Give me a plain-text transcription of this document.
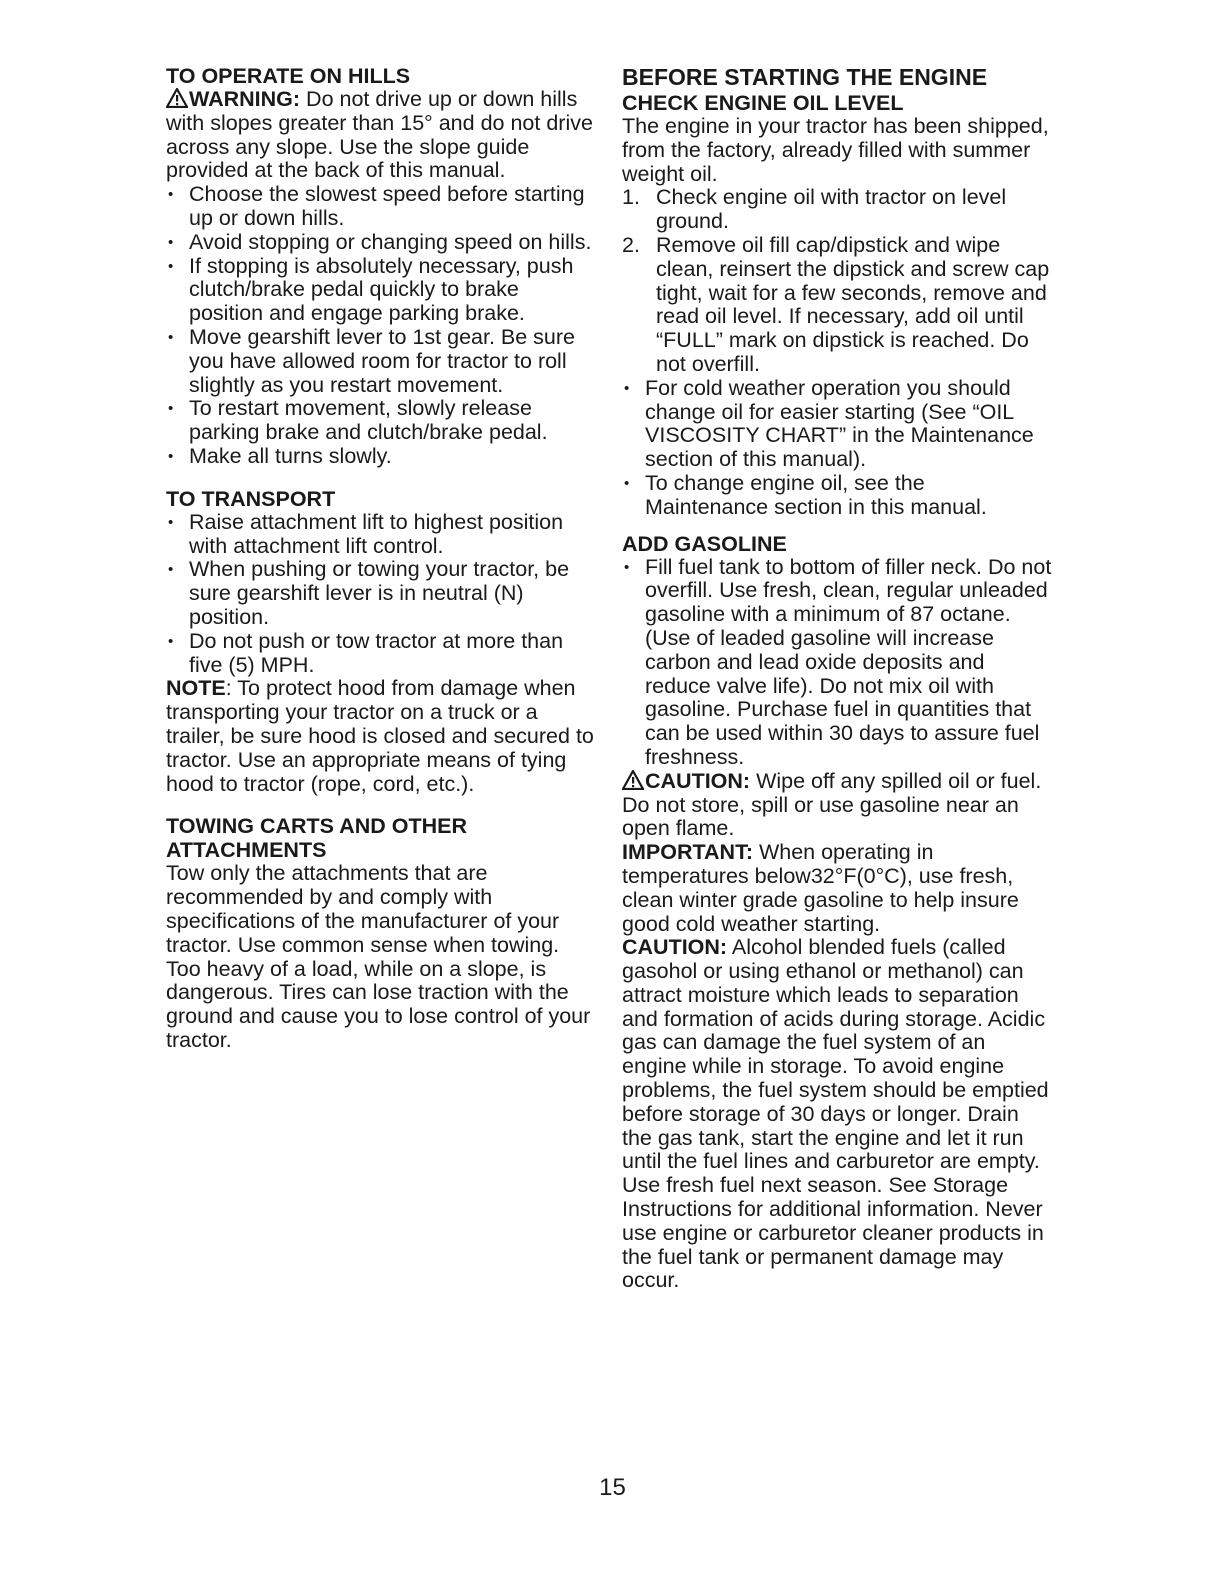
TO OPERATE ON HILLS

WARNING: Do not drive up or down hills with slopes greater than 15° and do not drive across any slope. Use the slope guide provided at the back of this manual.

• Choose the slowest speed before starting up or down hills.
• Avoid stopping or changing speed on hills.
• If stopping is absolutely necessary, push clutch/brake pedal quickly to brake position and engage parking brake.
• Move gearshift lever to 1st gear. Be sure you have allowed room for tractor to roll slightly as you restart movement.
• To restart movement, slowly release parking brake and clutch/brake pedal.
• Make all turns slowly.
TO TRANSPORT
• Raise attachment lift to highest position with attachment lift control.
• When pushing or towing your tractor, be sure gearshift lever is in neutral (N) position.
• Do not push or tow tractor at more than five (5) MPH.

NOTE: To protect hood from damage when transporting your tractor on a truck or a trailer, be sure hood is closed and secured to tractor. Use an appropriate means of tying hood to tractor (rope, cord, etc.).

TOWING CARTS AND OTHER ATTACHMENTS

Tow only the attachments that are recommended by and comply with specifications of the manufacturer of your tractor. Use common sense when towing. Too heavy of a load, while on a slope, is dangerous. Tires can lose traction with the ground and cause you to lose control of your tractor.

BEFORE STARTING THE ENGINE
CHECK ENGINE OIL LEVEL

The engine in your tractor has been shipped, from the factory, already filled with summer weight oil.

1. Check engine oil with tractor on level ground.
2. Remove oil fill cap/dipstick and wipe clean, reinsert the dipstick and screw cap tight, wait for a few seconds, remove and read oil level. If necessary, add oil until “FULL” mark on dipstick is reached. Do not overfill.
• For cold weather operation you should change oil for easier starting (See “OIL VISCOSITY CHART” in the Maintenance section of this manual).
• To change engine oil, see the Maintenance section in this manual.
ADD GASOLINE
• Fill fuel tank to bottom of filler neck. Do not overfill. Use fresh, clean, regular unleaded gasoline with a minimum of 87 octane. (Use of leaded gasoline will increase carbon and lead oxide deposits and reduce valve life). Do not mix oil with gasoline. Purchase fuel in quantities that can be used within 30 days to assure fuel freshness.

CAUTION: Wipe off any spilled oil or fuel. Do not store, spill or use gasoline near an open flame.

IMPORTANT: When operating in temperatures below32°F(0°C), use fresh, clean winter grade gasoline to help insure good cold weather starting.

CAUTION: Alcohol blended fuels (called gasohol or using ethanol or methanol) can attract moisture which leads to separation and formation of acids during storage. Acidic gas can damage the fuel system of an engine while in storage. To avoid engine problems, the fuel system should be emptied before storage of 30 days or longer. Drain the gas tank, start the engine and let it run until the fuel lines and carburetor are empty. Use fresh fuel next season. See Storage Instructions for additional information. Never use engine or carburetor cleaner products in the fuel tank or permanent damage may occur.

15
